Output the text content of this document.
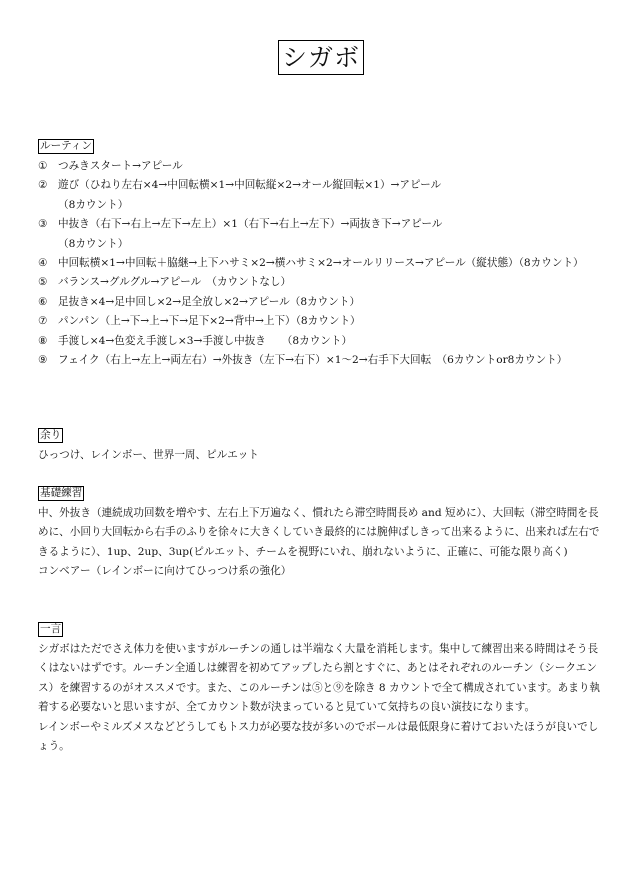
シガボ
ルーティン
① つみきスタート→アピール
② 遊び（ひねり左右×4→中回転横×1→中回転縦×2→オール縦回転×1）→アピール
（8カウント）
③ 中抜き（右下→右上→左下→左上）×1（右下→右上→左下）→両抜き下→アピール
（8カウント）
④ 中回転横×1→中回転＋脇継→上下ハサミ×2→横ハサミ×2→オールリリース→アピール（縦状態）（8カウント）
⑤ バランス→グルグル→アピール　（カウントなし）
⑥ 足抜き×4→足中回し×2→足全放し×2→アピール（8カウント）
⑦ パンパン（上→下→上→下→足下×2→背中→上下）（8カウント）
⑧ 手渡し×4→色変え手渡し×3→手渡し中抜き　　（8カウント）
⑨ フェイク（右上→左上→両左右）→外抜き（左下→右下）×1～2→右手下大回転　（6カウントor8カウント）
余り

ひっつけ、レインボー、世界一周、ピルエット

基礎練習

中、外抜き（連続成功回数を増やす、左右上下万遍なく、慣れたら滞空時間長め and 短めに）、大回転（滞空時間を長めに、小回り大回転から右手のふりを徐々に大きくしていき最終的には腕伸ばしきって出来るように、出来れば左右できるように）、1up、2up、3up(ピルエット、チームを視野にいれ、崩れないように、正確に、可能な限り高く)

コンベアー（レインボーに向けてひっつけ系の強化）

一言

シガボはただでさえ体力を使いますがルーチンの通しは半端なく大量を消耗します。集中して練習出来る時間はそう長くはないはずです。ルーチン全通しは練習を初めてアップしたら割とすぐに、あとはそれぞれのルーチン（シークエンス）を練習するのがオススメです。また、このルーチンは⑤と⑨を除き 8 カウントで全て構成されています。あまり執着する必要ないと思いますが、全てカウント数が決まっていると見ていて気持ちの良い演技になります。

レインボーやミルズメスなどどうしてもトス力が必要な技が多いのでボールは最低限身に着けておいたほうが良いでしょう。
